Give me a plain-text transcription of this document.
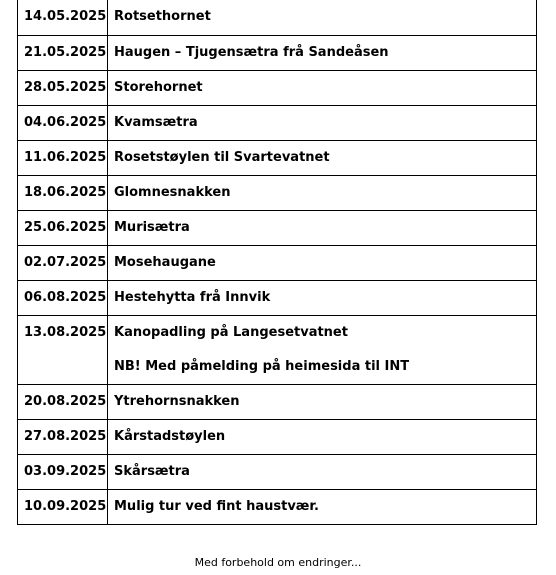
14.05.2025	Rotsethornet
21.05.2025	Haugen – Tjugensætra frå Sandeåsen
28.05.2025	Storehornet
04.06.2025	Kvamsætra
11.06.2025	Rosetstøylen til Svartevatnet
18.06.2025	Glomnesnakken
25.06.2025	Murisætra
02.07.2025	Mosehaugane
06.08.2025	Hestehytta frå Innvik
13.08.2025	Kanopadling på Langesetvatnet
NB! Med påmelding på heimesida til INT

20.08.2025	Ytrehornsnakken
27.08.2025	Kårstadstøylen
03.09.2025	Skårsætra
10.09.2025	Mulig tur ved fint haustvær.
Med forbehold om endringer...
